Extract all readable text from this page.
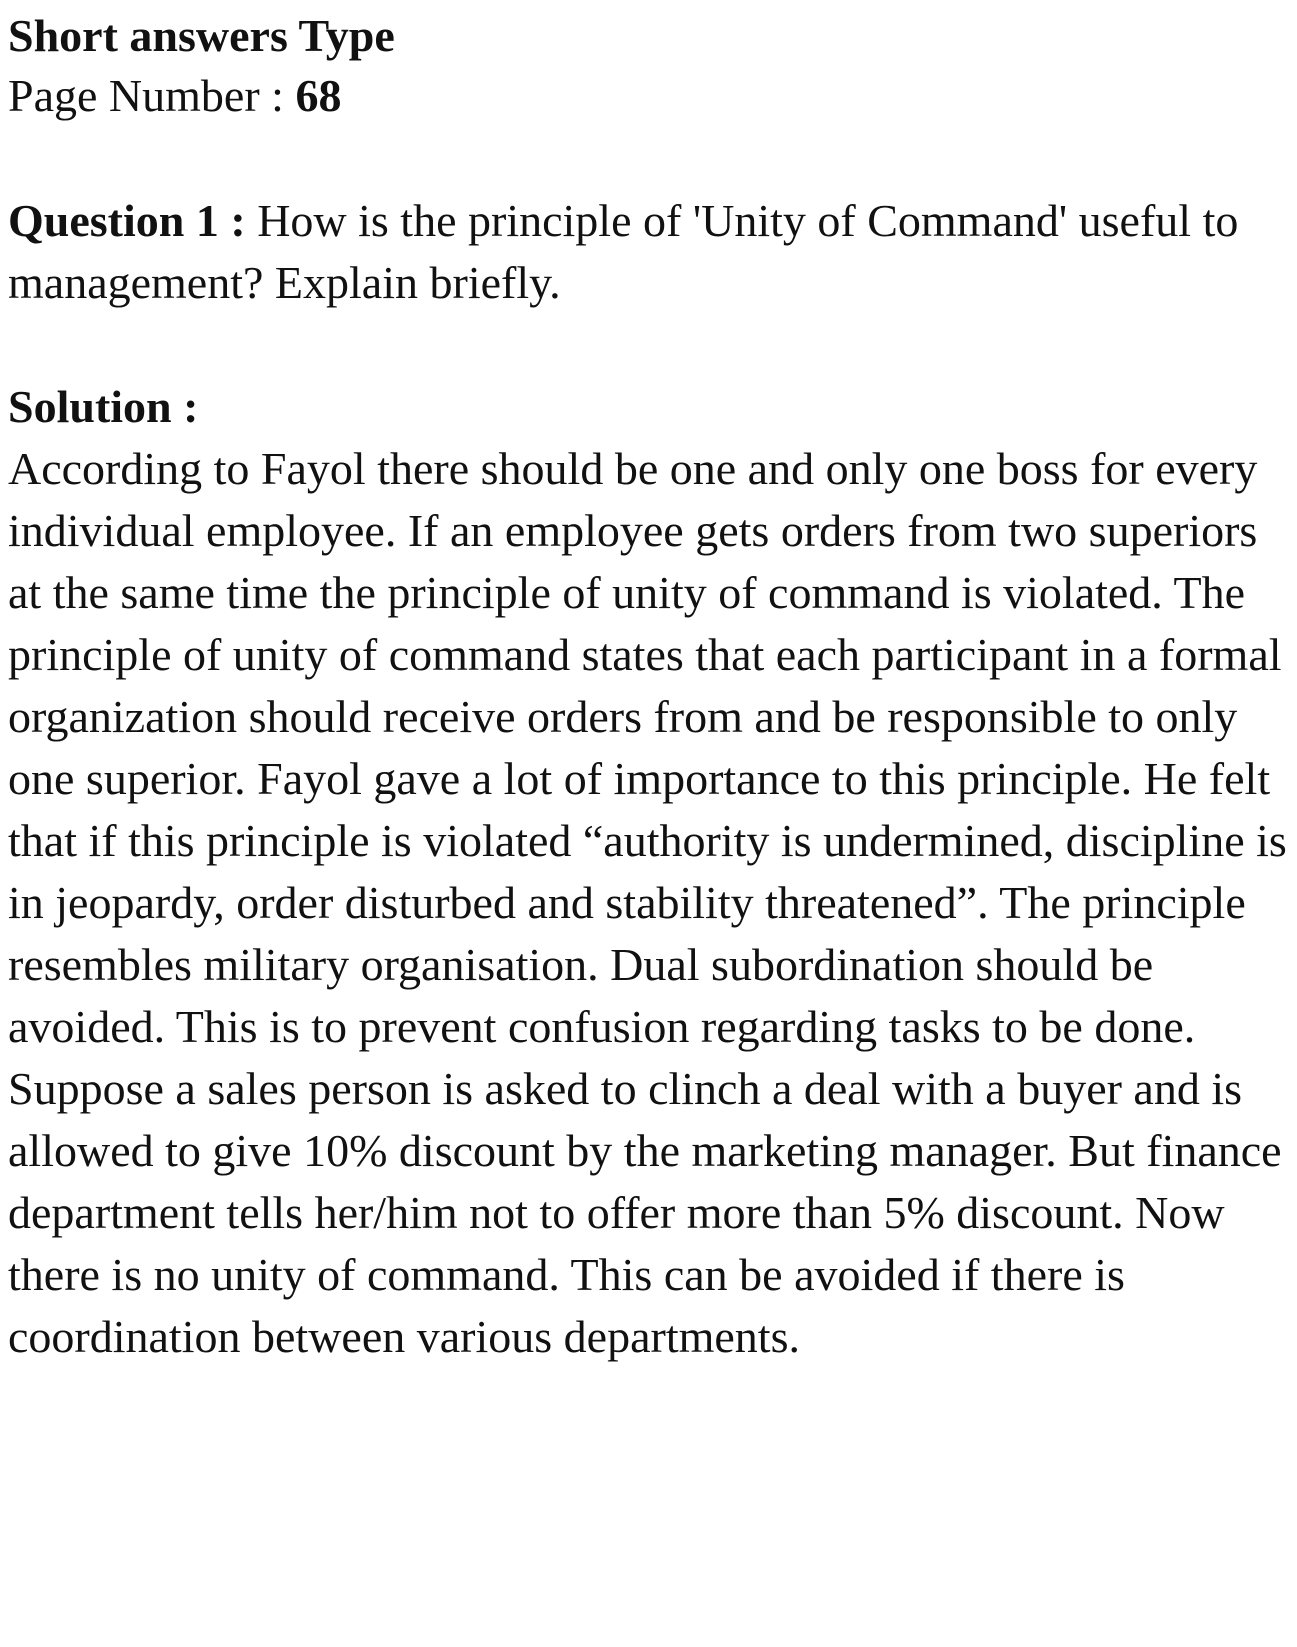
Short answers Type

Page Number : 68

Question 1 : How is the principle of 'Unity of Command' useful to management? Explain briefly.

Solution :

According to Fayol there should be one and only one boss for every individual employee. If an employee gets orders from two superiors at the same time the principle of unity of command is violated. The principle of unity of command states that each participant in a formal organization should receive orders from and be responsible to only one superior. Fayol gave a lot of importance to this principle. He felt that if this principle is violated “authority is undermined, discipline is in jeopardy, order disturbed and stability threatened”. The principle resembles military organisation. Dual subordination should be avoided. This is to prevent confusion regarding tasks to be done. Suppose a sales person is asked to clinch a deal with a buyer and is allowed to give 10% discount by the marketing manager. But finance department tells her/him not to offer more than 5% discount. Now there is no unity of command. This can be avoided if there is coordination between various departments.
